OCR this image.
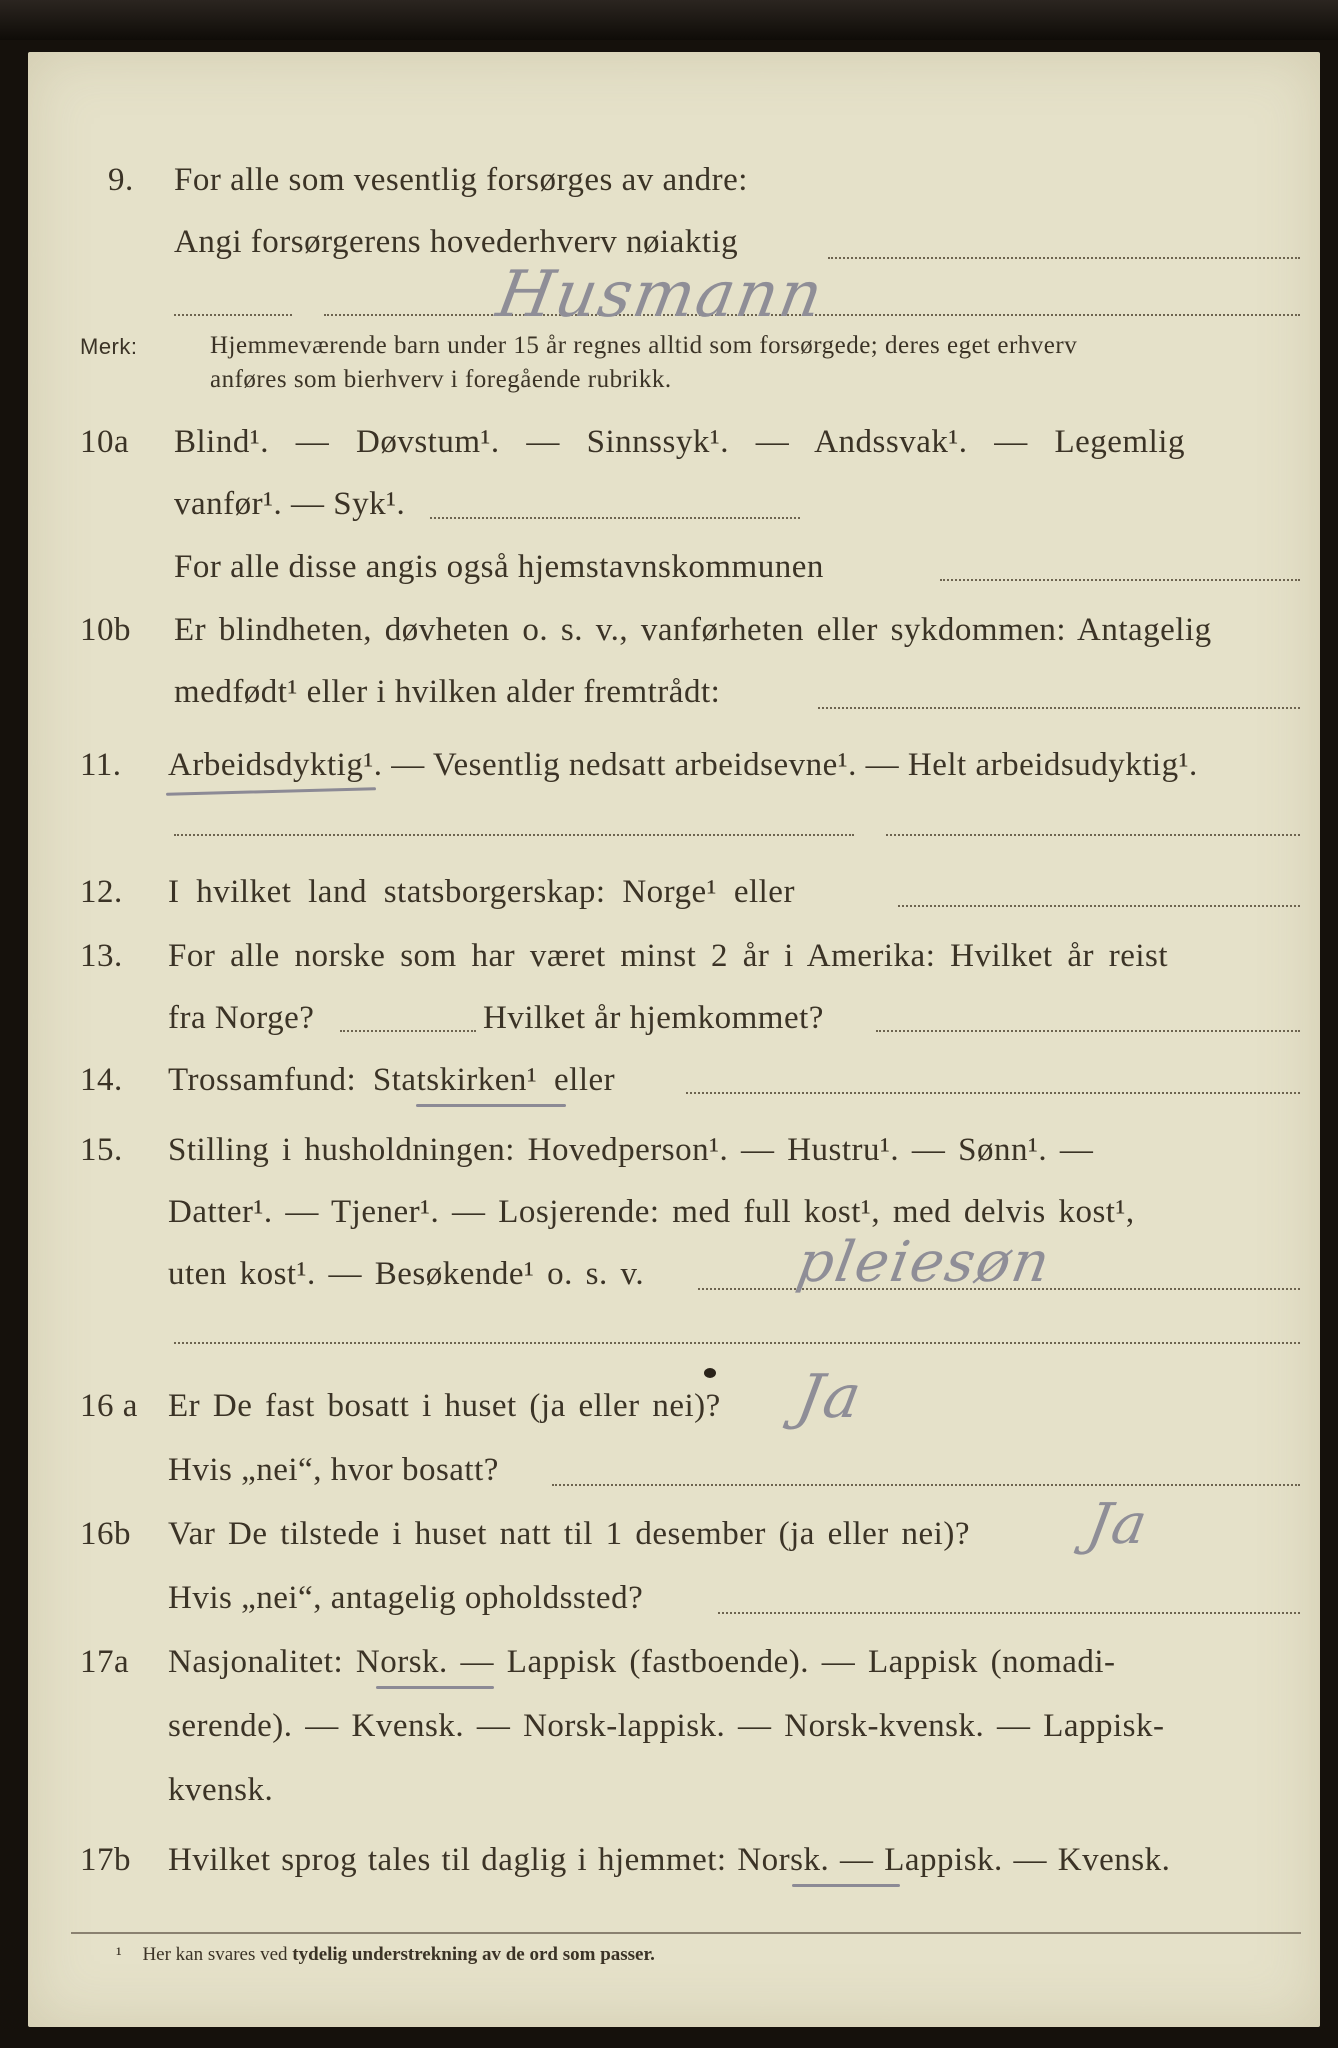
9. For alle som vesentlig forsørges av andre:
Angi forsørgerens hovederhverv nøiaktig
Husmann
Merk:	Hjemmeværende barn under 15 år regnes alltid som forsørgede; deres eget erhverv
anføres som bierhverv i foregående rubrikk.
10a Blind¹. — Døvstum¹. — Sinnssyk¹. — Andssvak¹. — Legemlig
vanfør¹. — Syk¹.
For alle disse angis også hjemstavnskommunen
10b Er blindheten, døvheten o. s. v., vanførheten eller sykdommen: Antagelig
medfødt¹ eller i hvilken alder fremtrådt:
11. Arbeidsdyktig¹. — Vesentlig nedsatt arbeidsevne¹. — Helt arbeidsudyktig¹.
12. I hvilket land statsborgerskap: Norge¹ eller
13. For alle norske som har været minst 2 år i Amerika: Hvilket år reist
fra Norge?	Hvilket år hjemkommet?
14. Trossamfund: Statskirken¹ eller
15. Stilling i husholdningen: Hovedperson¹. — Hustru¹. — Sønn¹. —
Datter¹. — Tjener¹. — Losjerende: med full kost¹, med delvis kost¹,
uten kost¹. — Besøkende¹ o. s. v.	pleiesøn
16 a Er De fast bosatt i huset (ja eller nei)? Ja
Hvis „nei“, hvor bosatt?
16b Var De tilstede i huset natt til 1 desember (ja eller nei)? Ja
Hvis „nei“, antagelig opholdssted?
17a Nasjonalitet: Norsk. — Lappisk (fastboende). — Lappisk (nomadi-
serende). — Kvensk. — Norsk-lappisk. — Norsk-kvensk. — Lappisk-
kvensk.
17b Hvilket sprog tales til daglig i hjemmet: Norsk. — Lappisk. — Kvensk.
¹ Her kan svares ved tydelig understrekning av de ord som passer.
